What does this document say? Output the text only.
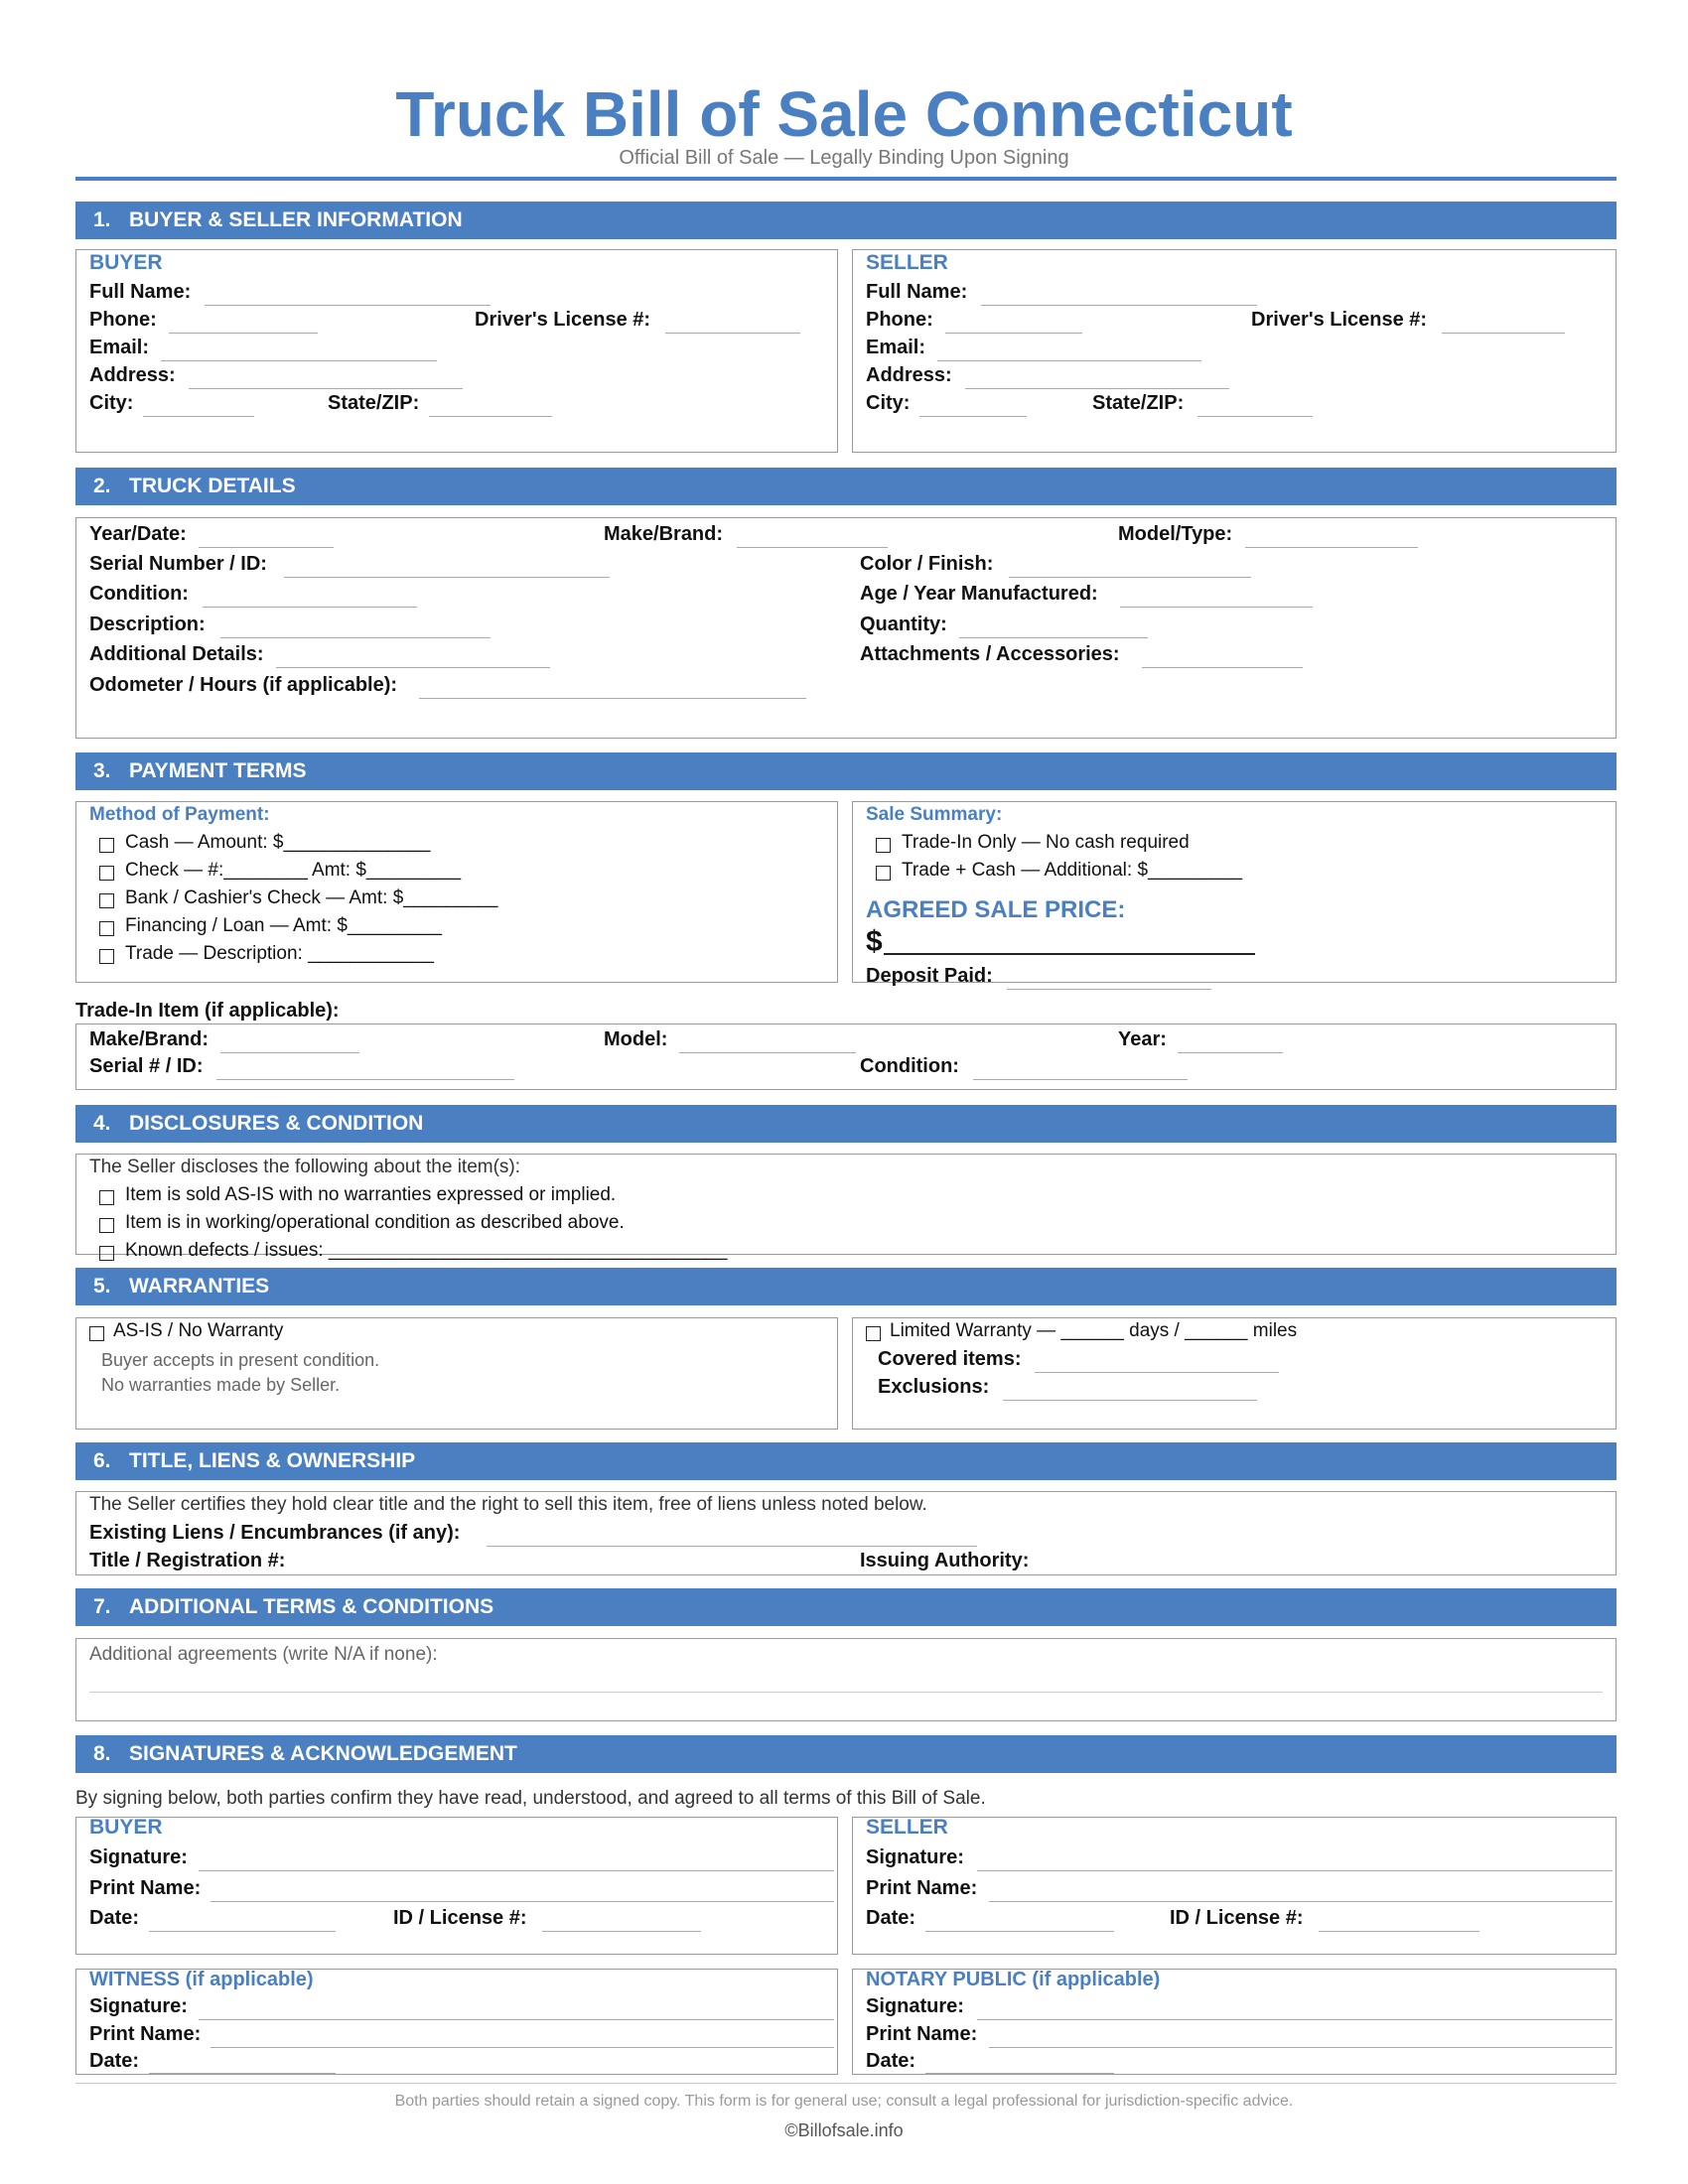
Truck Bill of Sale Connecticut
Official Bill of Sale — Legally Binding Upon Signing
1. BUYER & SELLER INFORMATION
BUYER
Full Name:
Phone:	Driver's License #:
Email:
Address:
City:	State/ZIP:
SELLER
Full Name:
Phone:	Driver's License #:
Email:
Address:
City:	State/ZIP:
2. TRUCK DETAILS
Year/Date:	Make/Brand:	Model/Type:
Serial Number / ID:	Color / Finish:
Condition:	Age / Year Manufactured:
Description:	Quantity:
Additional Details:	Attachments / Accessories:
Odometer / Hours (if applicable):
3. PAYMENT TERMS
Method of Payment:
Cash — Amount: $______________
Check — #:________ Amt: $_________
Bank / Cashier's Check — Amt: $_________
Financing / Loan — Amt: $_________
Trade — Description: ____________
Sale Summary:
Trade-In Only — No cash required
Trade + Cash — Additional: $_________
AGREED SALE PRICE:
$
Deposit Paid:
Trade-In Item (if applicable):
Make/Brand:	Model:	Year:
Serial # / ID:	Condition:
4. DISCLOSURES & CONDITION
The Seller discloses the following about the item(s):
Item is sold AS-IS with no warranties expressed or implied.
Item is in working/operational condition as described above.
Known defects / issues: ______________________________________
5. WARRANTIES
AS-IS / No Warranty
Buyer accepts in present condition.
No warranties made by Seller.
Limited Warranty — ______ days / ______ miles
Covered items:
Exclusions:
6. TITLE, LIENS & OWNERSHIP
The Seller certifies they hold clear title and the right to sell this item, free of liens unless noted below.
Existing Liens / Encumbrances (if any):
Title / Registration #:	Issuing Authority:
7. ADDITIONAL TERMS & CONDITIONS
Additional agreements (write N/A if none):
8. SIGNATURES & ACKNOWLEDGEMENT
By signing below, both parties confirm they have read, understood, and agreed to all terms of this Bill of Sale.
BUYER
Signature:
Print Name:
Date:	ID / License #:
SELLER
Signature:
Print Name:
Date:	ID / License #:
WITNESS (if applicable)
Signature:
Print Name:
Date:
NOTARY PUBLIC (if applicable)
Signature:
Print Name:
Date:
Both parties should retain a signed copy. This form is for general use; consult a legal professional for jurisdiction-specific advice.
©Billofsale.info
